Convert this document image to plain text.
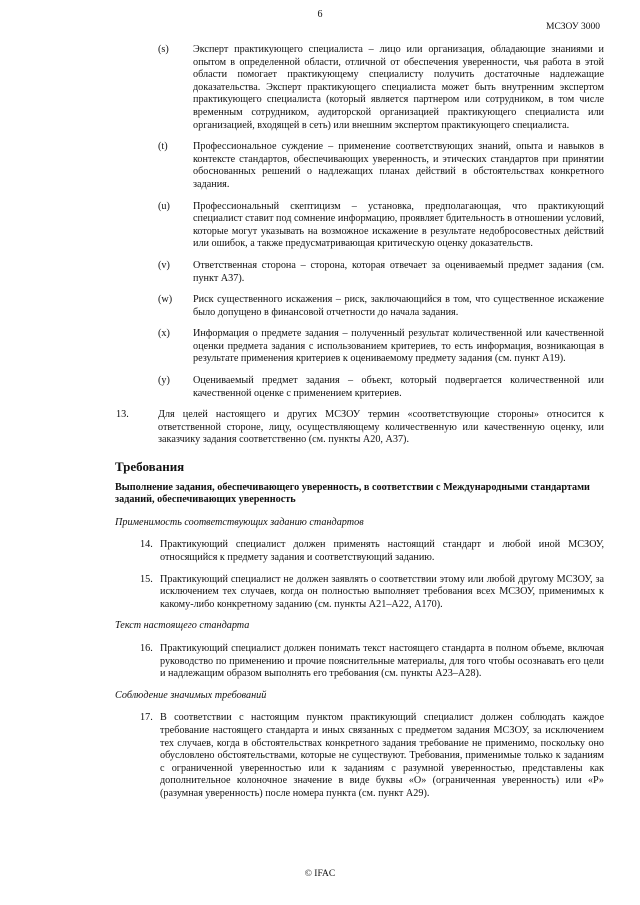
6
МСЗОУ 3000
(s)	Эксперт практикующего специалиста – лицо или организация, обладающие знаниями и опытом в определенной области, отличной от обеспечения уверенности, чья работа в этой области помогает практикующему специалисту получить достаточные надлежащие доказательства. Эксперт практикующего специалиста может быть внутренним экспертом практикующего специалиста (который является партнером или сотрудником, в том числе временным сотрудником, аудиторской организацией практикующего специалиста или организацией, входящей в сеть) или внешним экспертом практикующего специалиста.
(t)	Профессиональное суждение – применение соответствующих знаний, опыта и навыков в контексте стандартов, обеспечивающих уверенность, и этических стандартов при принятии обоснованных решений о надлежащих планах действий в обстоятельствах конкретного задания.
(u)	Профессиональный скептицизм – установка, предполагающая, что практикующий специалист ставит под сомнение информацию, проявляет бдительность в отношении условий, которые могут указывать на возможное искажение в результате недобросовестных действий или ошибок, а также предусматривающая критическую оценку доказательств.
(v)	Ответственная сторона – сторона, которая отвечает за оцениваемый предмет задания (см. пункт А37).
(w)	Риск существенного искажения – риск, заключающийся в том, что существенное искажение было допущено в финансовой отчетности до начала задания.
(x)	Информация о предмете задания – полученный результат количественной или качественной оценки предмета задания с использованием критериев, то есть информация, возникающая в результате применения критериев к оцениваемому предмету задания (см. пункт А19).
(y)	Оцениваемый предмет задания – объект, который подвергается количественной или качественной оценке с применением критериев.
13.	Для целей настоящего и других МСЗОУ термин «соответствующие стороны» относится к ответственной стороне, лицу, осуществляющему количественную или качественную оценку, или заказчику задания соответственно (см. пункты А20, А37).
Требования
Выполнение задания, обеспечивающего уверенность, в соответствии с Международными стандартами заданий, обеспечивающих уверенность
Применимость соответствующих заданию стандартов
14. Практикующий специалист должен применять настоящий стандарт и любой иной МСЗОУ, относящийся к предмету задания и соответствующий заданию.
15. Практикующий специалист не должен заявлять о соответствии этому или любой другому МСЗОУ, за исключением тех случаев, когда он полностью выполняет требования всех МСЗОУ, применимых к какому-либо конкретному заданию (см. пункты А21–А22, А170).
Текст настоящего стандарта
16. Практикующий специалист должен понимать текст настоящего стандарта в полном объеме, включая руководство по применению и прочие пояснительные материалы, для того чтобы осознавать его цели и надлежащим образом выполнять его требования (см. пункты А23–А28).
Соблюдение значимых требований
17. В соответствии с настоящим пунктом практикующий специалист должен соблюдать каждое требование настоящего стандарта и иных связанных с предметом задания МСЗОУ, за исключением тех случаев, когда в обстоятельствах конкретного задания требование не применимо, поскольку оно обусловлено обстоятельствами, которые не существуют. Требования, применимые только к заданиям с ограниченной уверенностью или к заданиям с разумной уверенностью, представлены как дополнительное колоночное значение в виде буквы «О» (ограниченная уверенность) или «Р» (разумная уверенность) после номера пункта (см. пункт А29).
© IFAC
